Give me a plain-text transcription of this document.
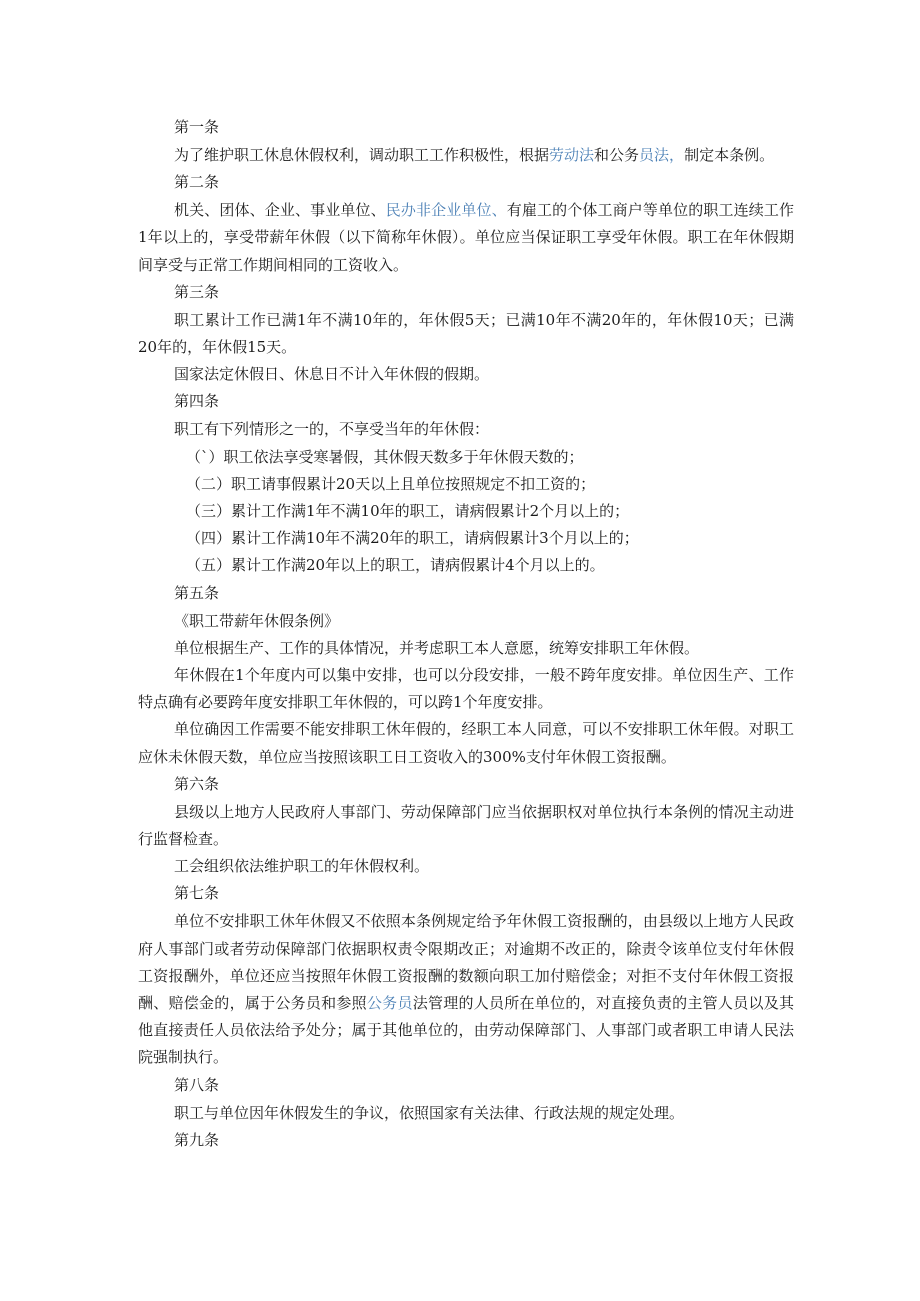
第一条

为了维护职工休息休假权利，调动职工工作积极性，根据劳动法和公务员法，制定本条例。

第二条

机关、团体、企业、事业单位、民办非企业单位、有雇工的个体工商户等单位的职工连续工作1年以上的，享受带薪年休假（以下简称年休假）。单位应当保证职工享受年休假。职工在年休假期间享受与正常工作期间相同的工资收入。

第三条

职工累计工作已满1年不满10年的，年休假5天；已满10年不满20年的，年休假10天；已满20年的，年休假15天。

国家法定休假日、休息日不计入年休假的假期。

第四条

职工有下列情形之一的，不享受当年的年休假：

（`）职工依法享受寒暑假，其休假天数多于年休假天数的；

（二）职工请事假累计20天以上且单位按照规定不扣工资的；

（三）累计工作满1年不满10年的职工，请病假累计2个月以上的；

（四）累计工作满10年不满20年的职工，请病假累计3个月以上的；

（五）累计工作满20年以上的职工，请病假累计4个月以上的。

第五条

《职工带薪年休假条例》

单位根据生产、工作的具体情况，并考虑职工本人意愿，统筹安排职工年休假。

年休假在1个年度内可以集中安排，也可以分段安排，一般不跨年度安排。单位因生产、工作特点确有必要跨年度安排职工年休假的，可以跨1个年度安排。

单位确因工作需要不能安排职工休年假的，经职工本人同意，可以不安排职工休年假。对职工应休未休假天数，单位应当按照该职工日工资收入的300%支付年休假工资报酬。

第六条

县级以上地方人民政府人事部门、劳动保障部门应当依据职权对单位执行本条例的情况主动进行监督检查。

工会组织依法维护职工的年休假权利。

第七条

单位不安排职工休年休假又不依照本条例规定给予年休假工资报酬的，由县级以上地方人民政府人事部门或者劳动保障部门依据职权责令限期改正；对逾期不改正的，除责令该单位支付年休假工资报酬外，单位还应当按照年休假工资报酬的数额向职工加付赔偿金；对拒不支付年休假工资报酬、赔偿金的，属于公务员和参照公务员法管理的人员所在单位的，对直接负责的主管人员以及其他直接责任人员依法给予处分；属于其他单位的，由劳动保障部门、人事部门或者职工申请人民法院强制执行。

第八条

职工与单位因年休假发生的争议，依照国家有关法律、行政法规的规定处理。

第九条
